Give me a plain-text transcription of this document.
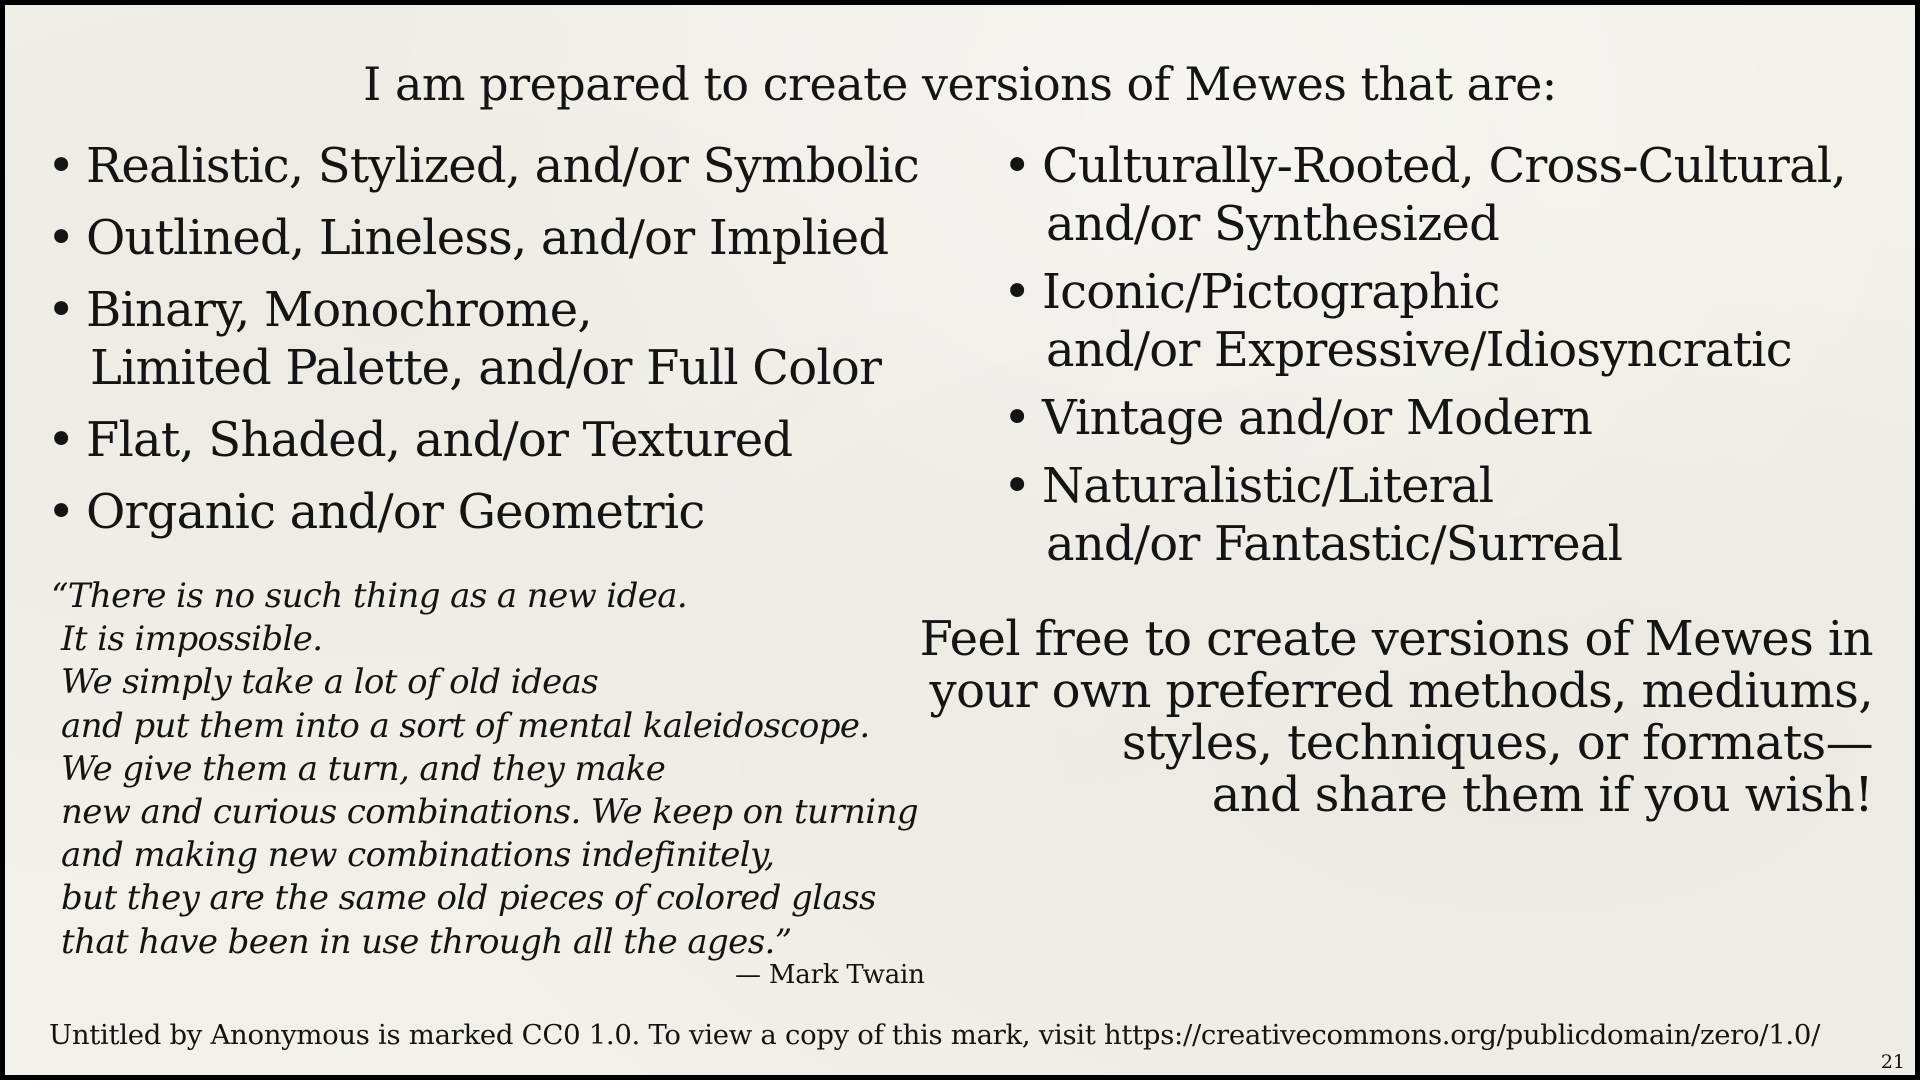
I am prepared to create versions of Mewes that are:
• Realistic, Stylized, and/or Symbolic
• Outlined, Lineless, and/or Implied
• Binary, Monochrome,
Limited Palette, and/or Full Color
• Flat, Shaded, and/or Textured
• Organic and/or Geometric
• Culturally-Rooted, Cross-Cultural,
and/or Synthesized
• Iconic/Pictographic
and/or Expressive/Idiosyncratic
• Vintage and/or Modern
• Naturalistic/Literal
and/or Fantastic/Surreal
“There is no such thing as a new idea.
It is impossible.
We simply take a lot of old ideas
and put them into a sort of mental kaleidoscope.
We give them a turn, and they make
new and curious combinations. We keep on turning
and making new combinations indefinitely,
but they are the same old pieces of colored glass
that have been in use through all the ages.”
— Mark Twain
Feel free to create versions of Mewes in
your own preferred methods, mediums,
styles, techniques, or formats—
and share them if you wish!
Untitled by Anonymous is marked CC0 1.0. To view a copy of this mark, visit https://creativecommons.org/publicdomain/zero/1.0/
21
